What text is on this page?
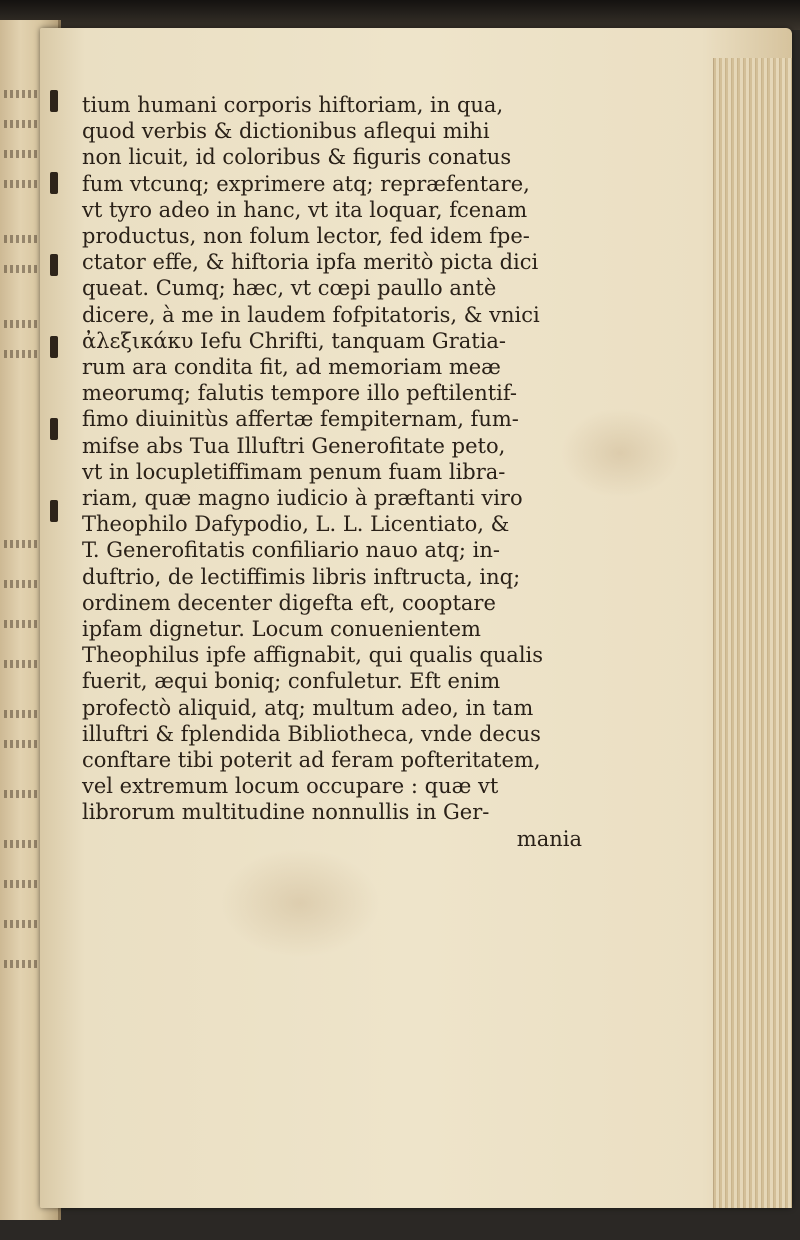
tium humani corporis hiftoriam, in qua,
quod verbis & dictionibus aflequi mihi
non licuit, id coloribus & figuris conatus
fum vtcunq; exprimere atq; repræfentare,
vt tyro adeo in hanc, vt ita loquar, fcenam
productus, non folum lector, fed idem fpe-
ctator effe, & hiftoria ipfa meritò picta dici
queat. Cumq; hæc, vt cœpi paullo antè
dicere, à me in laudem fofpitatoris, & vnici
ἀλεξικάκυ Iefu Chrifti, tanquam Gratia-
rum ara condita fit, ad memoriam meæ
meorumq; falutis tempore illo peftilentif-
fimo diuinitùs affertæ fempiternam, fum-
mifse abs Tua Illuftri Generofitate peto,
vt in locupletiffimam penum fuam libra-
riam, quæ magno iudicio à præftanti viro
Theophilo Dafypodio, L. L. Licentiato, &
T. Generofitatis confiliario nauo atq; in-
duftrio, de lectiffimis libris inftructa, inq;
ordinem decenter digefta eft, cooptare
ipfam dignetur. Locum conuenientem
Theophilus ipfe affignabit, qui qualis qualis
fuerit, æqui boniq; confuletur. Eft enim
profectò aliquid, atq; multum adeo, in tam
illuftri & fplendida Bibliotheca, vnde decus
conftare tibi poterit ad feram pofteritatem,
vel extremum locum occupare : quæ vt
librorum multitudine nonnullis in Ger-
mania
